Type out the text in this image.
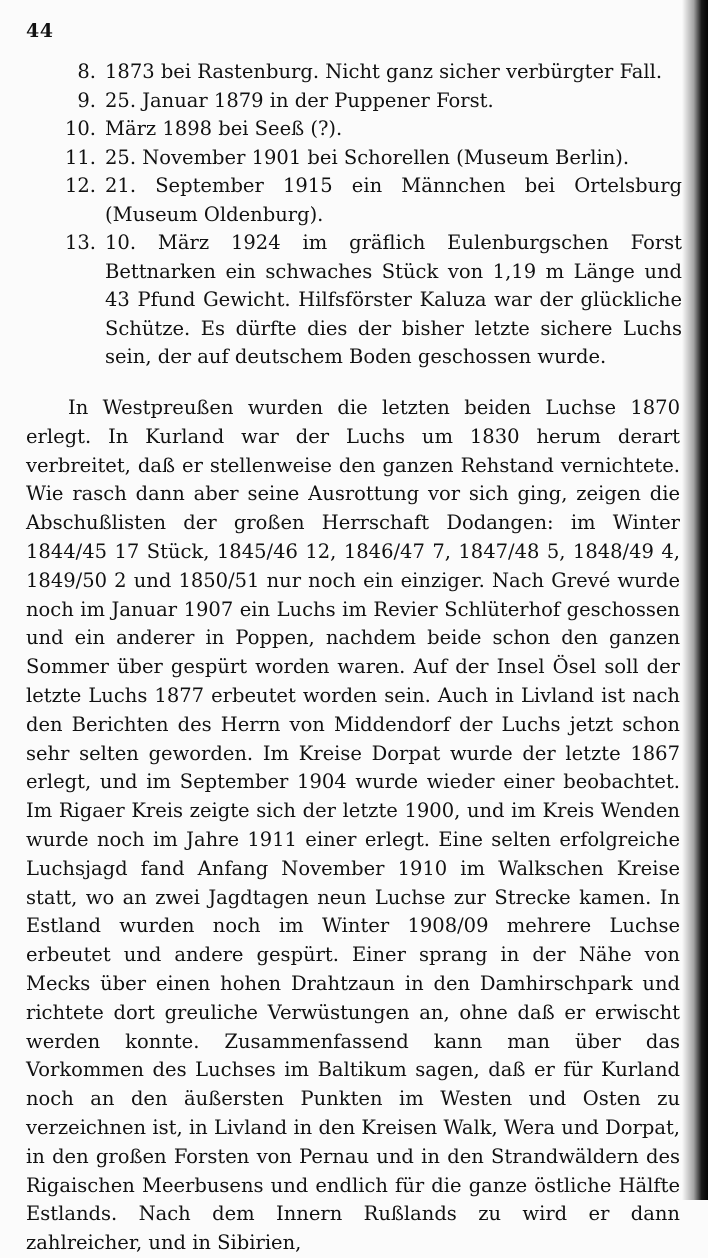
44
8. 1873 bei Rastenburg. Nicht ganz sicher verbürgter Fall.
9. 25. Januar 1879 in der Puppener Forst.
10. März 1898 bei Seeß (?).
11. 25. November 1901 bei Schorellen (Museum Berlin).
12. 21. September 1915 ein Männchen bei Ortelsburg (Museum Oldenburg).
13. 10. März 1924 im gräflich Eulenburgschen Forst Bettnarken ein schwaches Stück von 1,19 m Länge und 43 Pfund Gewicht. Hilfsförster Kaluza war der glückliche Schütze. Es dürfte dies der bisher letzte sichere Luchs sein, der auf deutschem Boden geschossen wurde.

In Westpreußen wurden die letzten beiden Luchse 1870 erlegt. In Kurland war der Luchs um 1830 herum derart verbreitet, daß er stellenweise den ganzen Rehstand vernichtete. Wie rasch dann aber seine Ausrottung vor sich ging, zeigen die Abschußlisten der großen Herrschaft Dodangen: im Winter 1844/45 17 Stück, 1845/46 12, 1846/47 7, 1847/48 5, 1848/49 4, 1849/50 2 und 1850/51 nur noch ein einziger. Nach Grevé wurde noch im Januar 1907 ein Luchs im Revier Schlüterhof geschossen und ein anderer in Poppen, nachdem beide schon den ganzen Sommer über gespürt worden waren. Auf der Insel Ösel soll der letzte Luchs 1877 erbeutet worden sein. Auch in Livland ist nach den Berichten des Herrn von Middendorf der Luchs jetzt schon sehr selten geworden. Im Kreise Dorpat wurde der letzte 1867 erlegt, und im September 1904 wurde wieder einer beobachtet. Im Rigaer Kreis zeigte sich der letzte 1900, und im Kreis Wenden wurde noch im Jahre 1911 einer erlegt. Eine selten erfolgreiche Luchsjagd fand Anfang November 1910 im Walkschen Kreise statt, wo an zwei Jagdtagen neun Luchse zur Strecke kamen. In Estland wurden noch im Winter 1908/09 mehrere Luchse erbeutet und andere gespürt. Einer sprang in der Nähe von Mecks über einen hohen Drahtzaun in den Damhirschpark und richtete dort greuliche Verwüstungen an, ohne daß er erwischt werden konnte. Zusammenfassend kann man über das Vorkommen des Luchses im Baltikum sagen, daß er für Kurland noch an den äußersten Punkten im Westen und Osten zu verzeichnen ist, in Livland in den Kreisen Walk, Wera und Dorpat, in den großen Forsten von Pernau und in den Strandwäldern des Rigaischen Meerbusens und endlich für die ganze östliche Hälfte Estlands. Nach dem Innern Rußlands zu wird er dann zahlreicher, und in Sibirien,
